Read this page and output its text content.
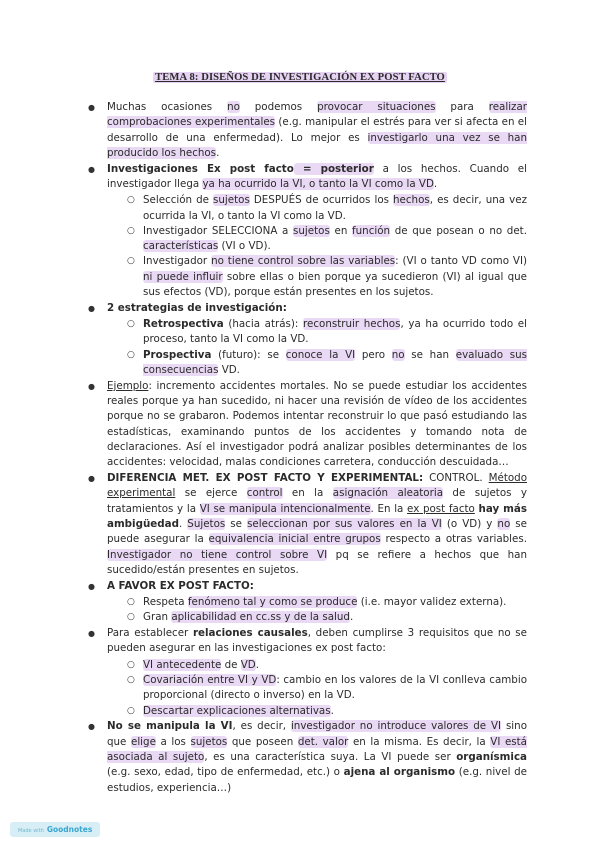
TEMA 8: DISEÑOS DE INVESTIGACIÓN EX POST FACTO
● Muchas ocasiones no podemos provocar situaciones para realizar comprobaciones experimentales (e.g. manipular el estrés para ver si afecta en el desarrollo de una enfermedad). Lo mejor es investigarlo una vez se han producido los hechos.
● Investigaciones Ex post facto = posterior a los hechos. Cuando el investigador llega ya ha ocurrido la VI, o tanto la VI como la VD.
○ Selección de sujetos DESPUÉS de ocurridos los hechos, es decir, una vez ocurrida la VI, o tanto la VI como la VD.
○ Investigador SELECCIONA a sujetos en función de que posean o no det. características (VI o VD).
○ Investigador no tiene control sobre las variables: (VI o tanto VD como VI) ni puede influir sobre ellas o bien porque ya sucedieron (VI) al igual que sus efectos (VD), porque están presentes en los sujetos.
● 2 estrategias de investigación:
○ Retrospectiva (hacia atrás): reconstruir hechos, ya ha ocurrido todo el proceso, tanto la VI como la VD.
○ Prospectiva (futuro): se conoce la VI pero no se han evaluado sus consecuencias VD.
● Ejemplo: incremento accidentes mortales. No se puede estudiar los accidentes reales porque ya han sucedido, ni hacer una revisión de vídeo de los accidentes porque no se grabaron. Podemos intentar reconstruir lo que pasó estudiando las estadísticas, examinando puntos de los accidentes y tomando nota de declaraciones. Así el investigador podrá analizar posibles determinantes de los accidentes: velocidad, malas condiciones carretera, conducción descuidada…
● DIFERENCIA MET. EX POST FACTO Y EXPERIMENTAL: CONTROL. Método experimental se ejerce control en la asignación aleatoria de sujetos y tratamientos y la VI se manipula intencionalmente. En la ex post facto hay más ambigüedad. Sujetos se seleccionan por sus valores en la VI (o VD) y no se puede asegurar la equivalencia inicial entre grupos respecto a otras variables. Investigador no tiene control sobre VI pq se refiere a hechos que han sucedido/están presentes en sujetos.
● A FAVOR EX POST FACTO:
○ Respeta fenómeno tal y como se produce (i.e. mayor validez externa).
○ Gran aplicabilidad en cc.ss y de la salud.
● Para establecer relaciones causales, deben cumplirse 3 requisitos que no se pueden asegurar en las investigaciones ex post facto:
○ VI antecedente de VD.
○ Covariación entre VI y VD: cambio en los valores de la VI conlleva cambio proporcional (directo o inverso) en la VD.
○ Descartar explicaciones alternativas.
● No se manipula la VI, es decir, investigador no introduce valores de VI sino que elige a los sujetos que poseen det. valor en la misma. Es decir, la VI está asociada al sujeto, es una característica suya. La VI puede ser organísmica (e.g. sexo, edad, tipo de enfermedad, etc.) o ajena al organismo (e.g. nivel de estudios, experiencia…)
Made with Goodnotes
